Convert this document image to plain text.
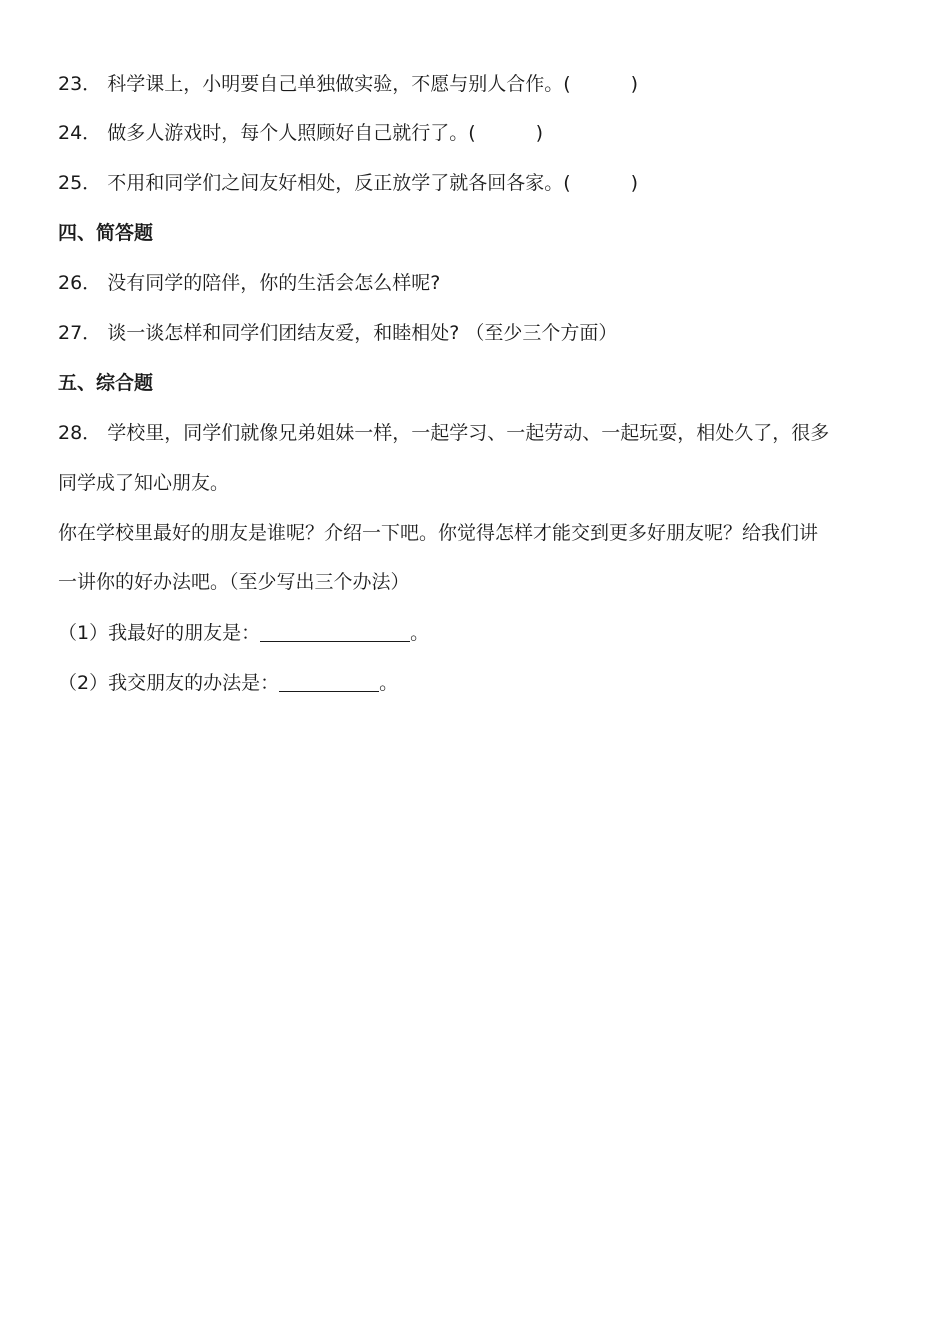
23． 科学课上，小明要自己单独做实验，不愿与别人合作。(	)
24． 做多人游戏时，每个人照顾好自己就行了。(	)
25． 不用和同学们之间友好相处，反正放学了就各回各家。(	)
四、简答题
26． 没有同学的陪伴，你的生活会怎么样呢?
27． 谈一谈怎样和同学们团结友爱，和睦相处? （至少三个方面）
五、综合题
28． 学校里，同学们就像兄弟姐妹一样，一起学习、一起劳动、一起玩耍，相处久了，很多
同学成了知心朋友。
你在学校里最好的朋友是谁呢？介绍一下吧。你觉得怎样才能交到更多好朋友呢？给我们讲
一讲你的好办法吧。（至少写出三个办法）
（1）我最好的朋友是：	。
（2）我交朋友的办法是：	。
